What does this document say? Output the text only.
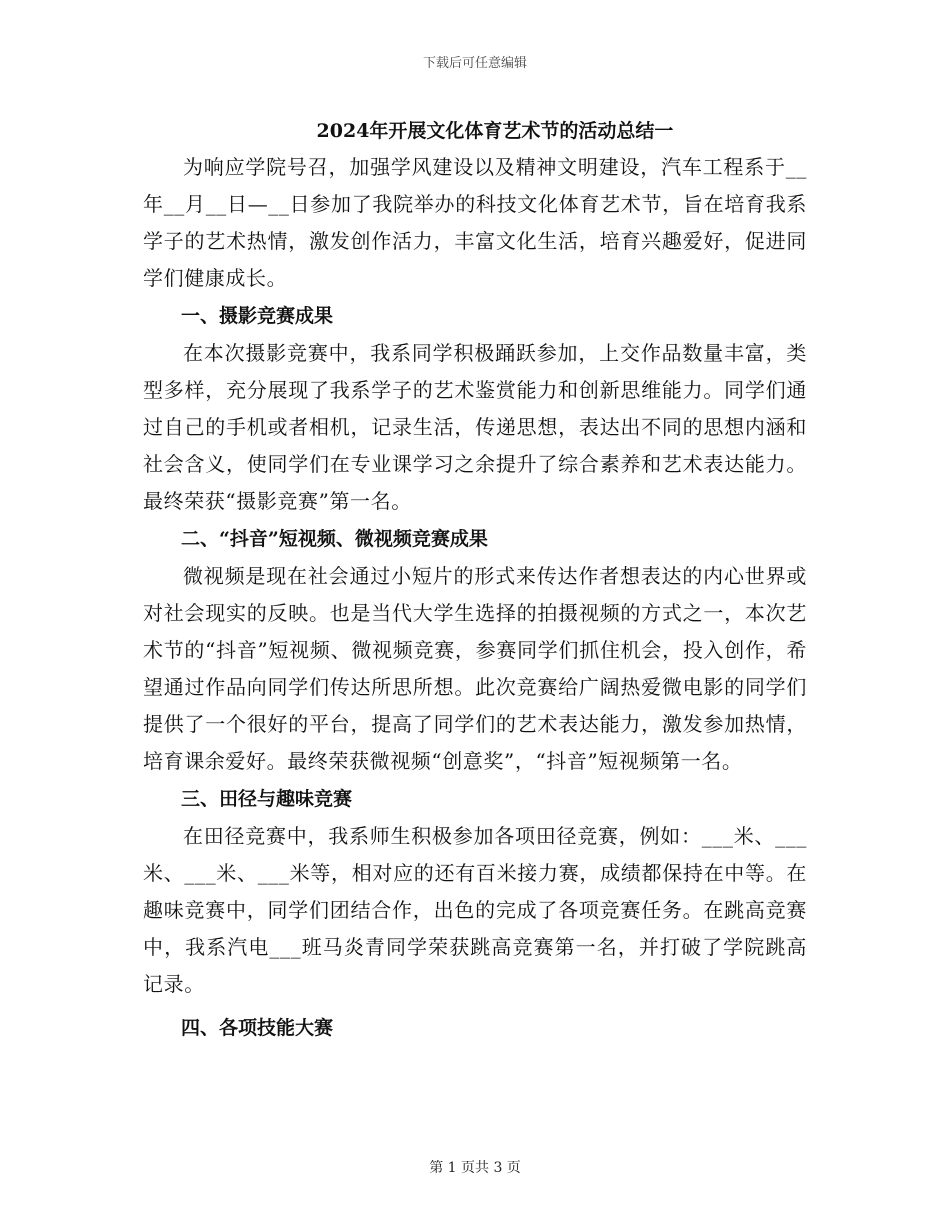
下载后可任意编辑
2024年开展文化体育艺术节的活动总结一

为响应学院号召，加强学风建设以及精神文明建设，汽车工程系于__年__月__日—__日参加了我院举办的科技文化体育艺术节，旨在培育我系学子的艺术热情，激发创作活力，丰富文化生活，培育兴趣爱好，促进同学们健康成长。

一、摄影竞赛成果

在本次摄影竞赛中，我系同学积极踊跃参加，上交作品数量丰富，类型多样，充分展现了我系学子的艺术鉴赏能力和创新思维能力。同学们通过自己的手机或者相机，记录生活，传递思想，表达出不同的思想内涵和社会含义，使同学们在专业课学习之余提升了综合素养和艺术表达能力。最终荣获“摄影竞赛”第一名。

二、“抖音”短视频、微视频竞赛成果

微视频是现在社会通过小短片的形式来传达作者想表达的内心世界或对社会现实的反映。也是当代大学生选择的拍摄视频的方式之一，本次艺术节的“抖音”短视频、微视频竞赛，参赛同学们抓住机会，投入创作，希望通过作品向同学们传达所思所想。此次竞赛给广阔热爱微电影的同学们提供了一个很好的平台，提高了同学们的艺术表达能力，激发参加热情，培育课余爱好。最终荣获微视频“创意奖”，“抖音”短视频第一名。

三、田径与趣味竞赛

在田径竞赛中，我系师生积极参加各项田径竞赛，例如：___米、___米、___米、___米等，相对应的还有百米接力赛，成绩都保持在中等。在趣味竞赛中，同学们团结合作，出色的完成了各项竞赛任务。在跳高竞赛中，我系汽电___班马炎青同学荣获跳高竞赛第一名，并打破了学院跳高记录。

四、各项技能大赛
第 1 页共 3 页
